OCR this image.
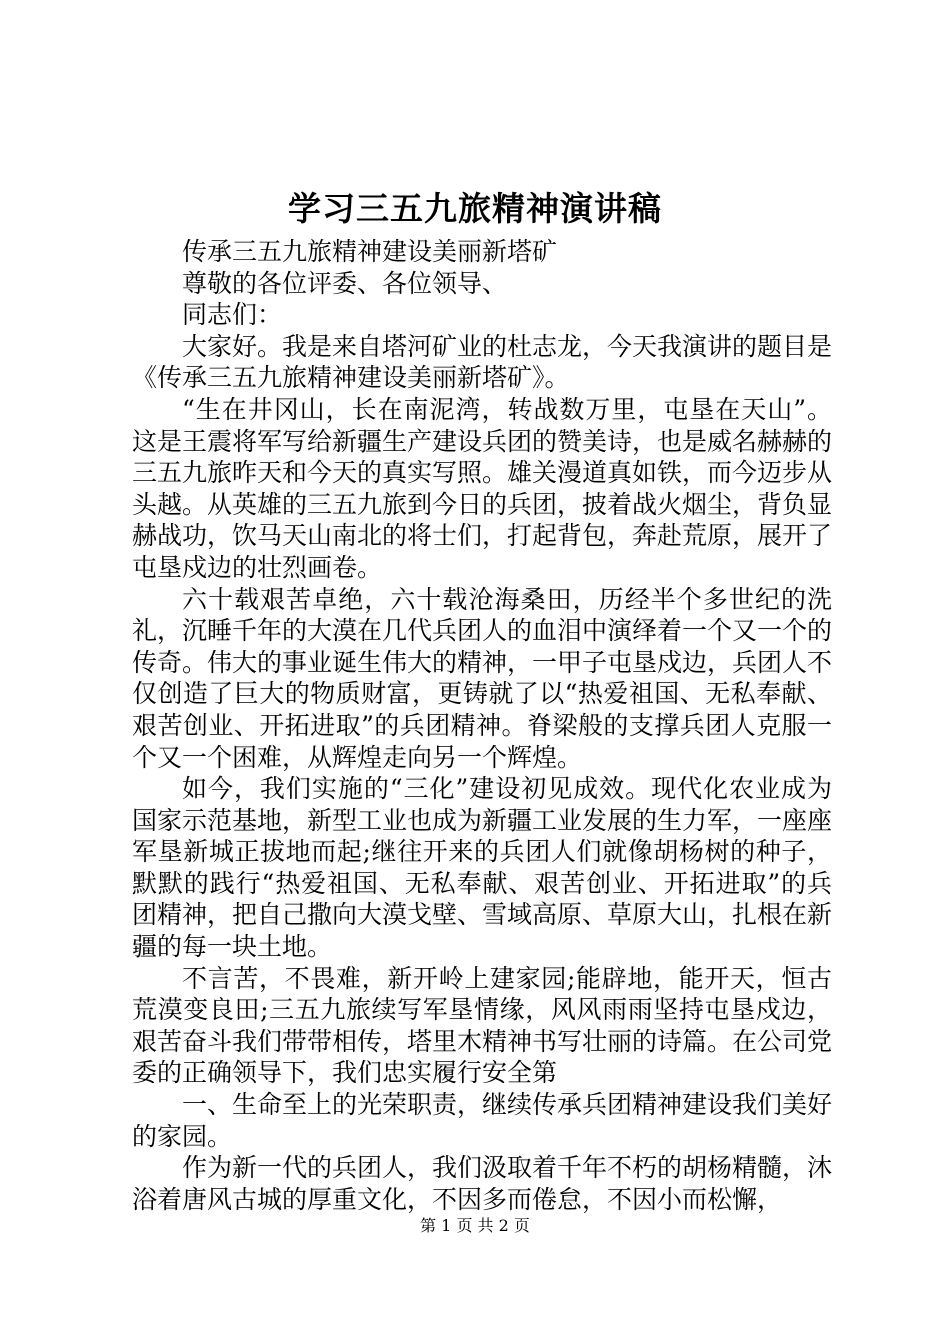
学习三五九旅精神演讲稿

传承三五九旅精神建设美丽新塔矿

尊敬的各位评委、各位领导、

同志们：

大家好。我是来自塔河矿业的杜志龙，今天我演讲的题目是《传承三五九旅精神建设美丽新塔矿》。

“生在井冈山，长在南泥湾，转战数万里，屯垦在天山”。这是王震将军写给新疆生产建设兵团的赞美诗，也是威名赫赫的三五九旅昨天和今天的真实写照。雄关漫道真如铁，而今迈步从头越。从英雄的三五九旅到今日的兵团，披着战火烟尘，背负显赫战功，饮马天山南北的将士们，打起背包，奔赴荒原，展开了屯垦戍边的壮烈画卷。

六十载艰苦卓绝，六十载沧海桑田，历经半个多世纪的洗礼，沉睡千年的大漠在几代兵团人的血泪中演绎着一个又一个的传奇。伟大的事业诞生伟大的精神，一甲子屯垦戍边，兵团人不仅创造了巨大的物质财富，更铸就了以“热爱祖国、无私奉献、艰苦创业、开拓进取”的兵团精神。脊梁般的支撑兵团人克服一个又一个困难，从辉煌走向另一个辉煌。

如今，我们实施的“三化”建设初见成效。现代化农业成为国家示范基地，新型工业也成为新疆工业发展的生力军，一座座军垦新城正拔地而起;继往开来的兵团人们就像胡杨树的种子，默默的践行“热爱祖国、无私奉献、艰苦创业、开拓进取”的兵团精神，把自己撒向大漠戈壁、雪域高原、草原大山，扎根在新疆的每一块土地。

不言苦，不畏难，新开岭上建家园;能辟地，能开天，恒古荒漠变良田;三五九旅续写军垦情缘，风风雨雨坚持屯垦戍边，艰苦奋斗我们带带相传，塔里木精神书写壮丽的诗篇。在公司党委的正确领导下，我们忠实履行安全第

一、生命至上的光荣职责，继续传承兵团精神建设我们美好的家园。

作为新一代的兵团人，我们汲取着千年不朽的胡杨精髓，沐浴着唐风古城的厚重文化，不因多而倦怠，不因小而松懈，

第 1 页 共 2 页
